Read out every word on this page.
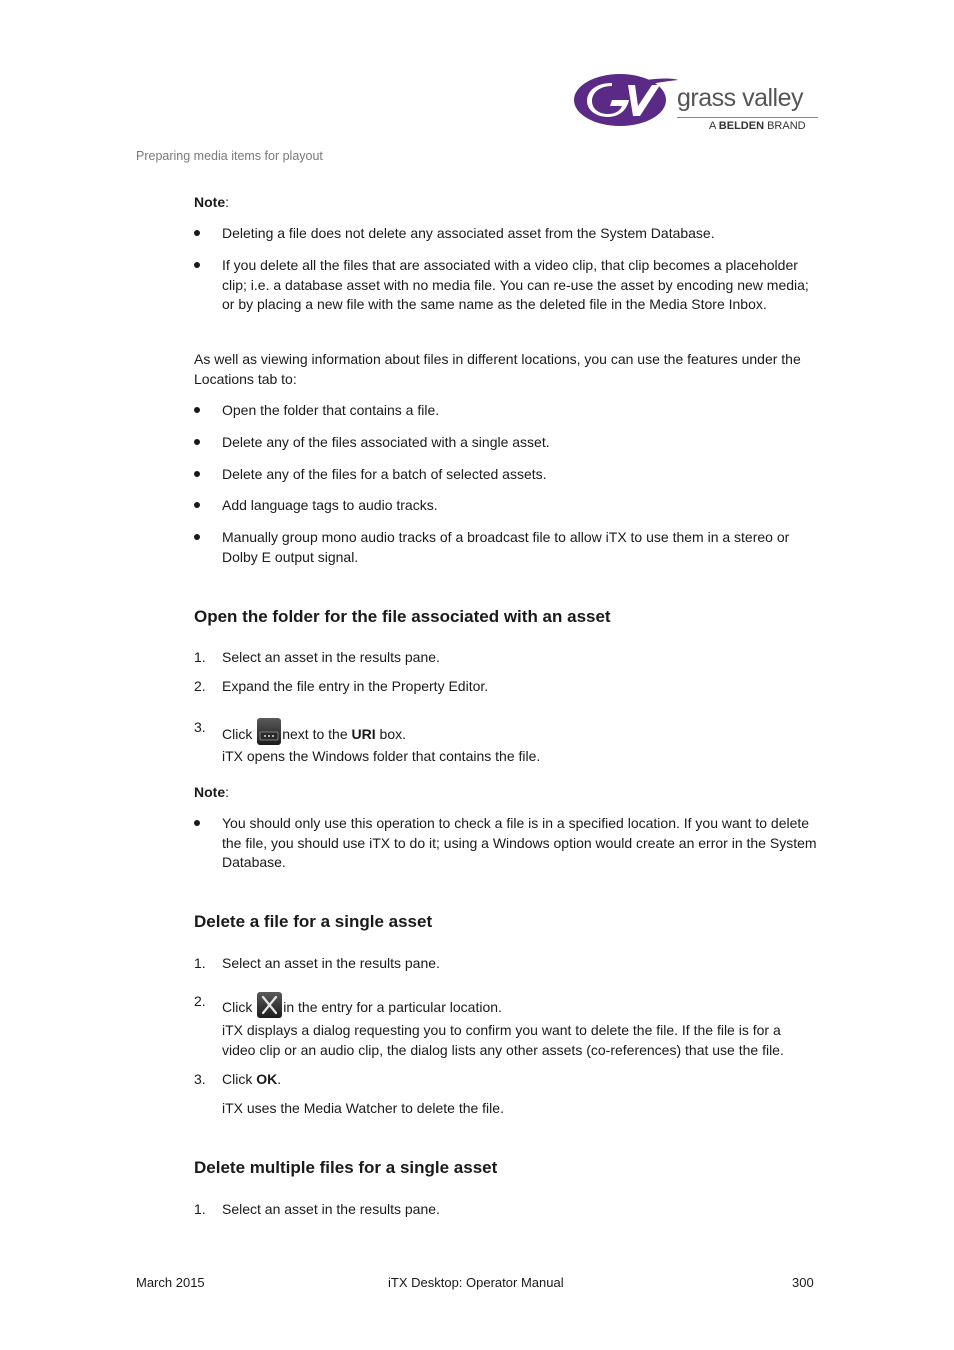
grass valley
A BELDEN BRAND
Preparing media items for playout
Note:
Deleting a file does not delete any associated asset from the System Database.
If you delete all the files that are associated with a video clip, that clip becomes a placeholder clip; i.e. a database asset with no media file. You can re-use the asset by encoding new media; or by placing a new file with the same name as the deleted file in the Media Store Inbox.
As well as viewing information about files in different locations, you can use the features under the Locations tab to:
Open the folder that contains a file.
Delete any of the files associated with a single asset.
Delete any of the files for a batch of selected assets.
Add language tags to audio tracks.
Manually group mono audio tracks of a broadcast file to allow iTX to use them in a stereo or Dolby E output signal.
Open the folder for the file associated with an asset
1. Select an asset in the results pane.
2. Expand the file entry in the Property Editor.
3. Click next to the URI box.
iTX opens the Windows folder that contains the file.
Note:
You should only use this operation to check a file is in a specified location. If you want to delete the file, you should use iTX to do it; using a Windows option would create an error in the System Database.
Delete a file for a single asset
1. Select an asset in the results pane.
2. Click in the entry for a particular location.
iTX displays a dialog requesting you to confirm you want to delete the file. If the file is for a video clip or an audio clip, the dialog lists any other assets (co-references) that use the file.
3. Click OK.
iTX uses the Media Watcher to delete the file.
Delete multiple files for a single asset
1. Select an asset in the results pane.
March 2015	iTX Desktop: Operator Manual	300
